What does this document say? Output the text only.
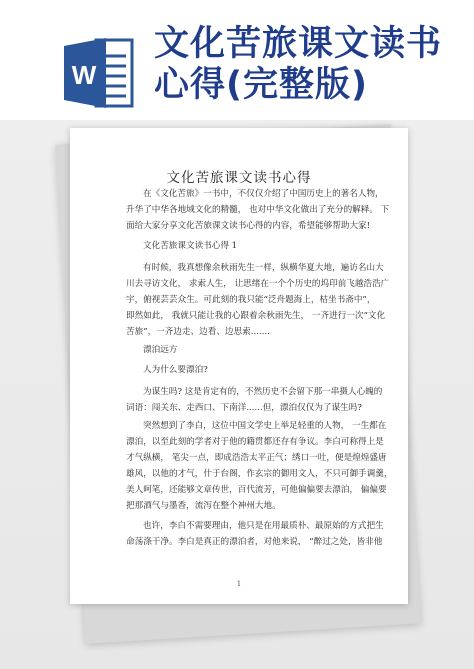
W
文化苦旅课文读书
心得(完整版)
文化苦旅课文读书心得
在《文化苦旅》一书中，不仅仅介绍了中国历史上的著名人物，
升华了中华各地域文化的精髓， 也对中华文化做出了充分的解释。 下
面给大家分享文化苦旅课文读书心得的内容，希望能够帮助大家!
文化苦旅课文读书心得 1
有时候，我真想像余秋雨先生一样，纵横华夏大地，遍访名山大
川去寻访文化， 求索人生， 让思绪在一个个历史的坞印前飞越浩浩广
宇，俯视芸芸众生。可此刻的我只能“泛舟题海上，枯坐书斋中”，
即然如此， 我就只能让我的心跟着余秋雨先生， 一齐进行一次“文化
苦旅”，一齐边走、边看、边思索.......
漂泊远方
人为什么要漂泊?
为谋生吗? 这是肯定有的，不然历史不会留下那一串摄人心魄的
词语：闯关东、走西口、下南洋......但，漂泊仅仅为了谋生吗?
突然想到了李白，这位中国文学史上举足轻重的人物， 一生都在
漂泊，以至此刻的学者对于他的籍贯都还存有争议。李白可称得上是
才气纵横， 笔尖一点，即成浩浩太平正气；绣口一吐，便是煌煌盛唐
雄风，以他的才气，什于台阁，作玄宗的御用文人，不只可御手调羹，
美人呵笔，还能够文章传世，百代流芳，可他偏偏要去漂泊， 偏偏要
把那酒气与墨香，流泻在整个神州大地。
也许，李白不需要理由，他只是在用最质朴、最原始的方式把生
命荡涤干净。李白是真正的漂泊者，对他来说， “醉过之处，皆非他
1
